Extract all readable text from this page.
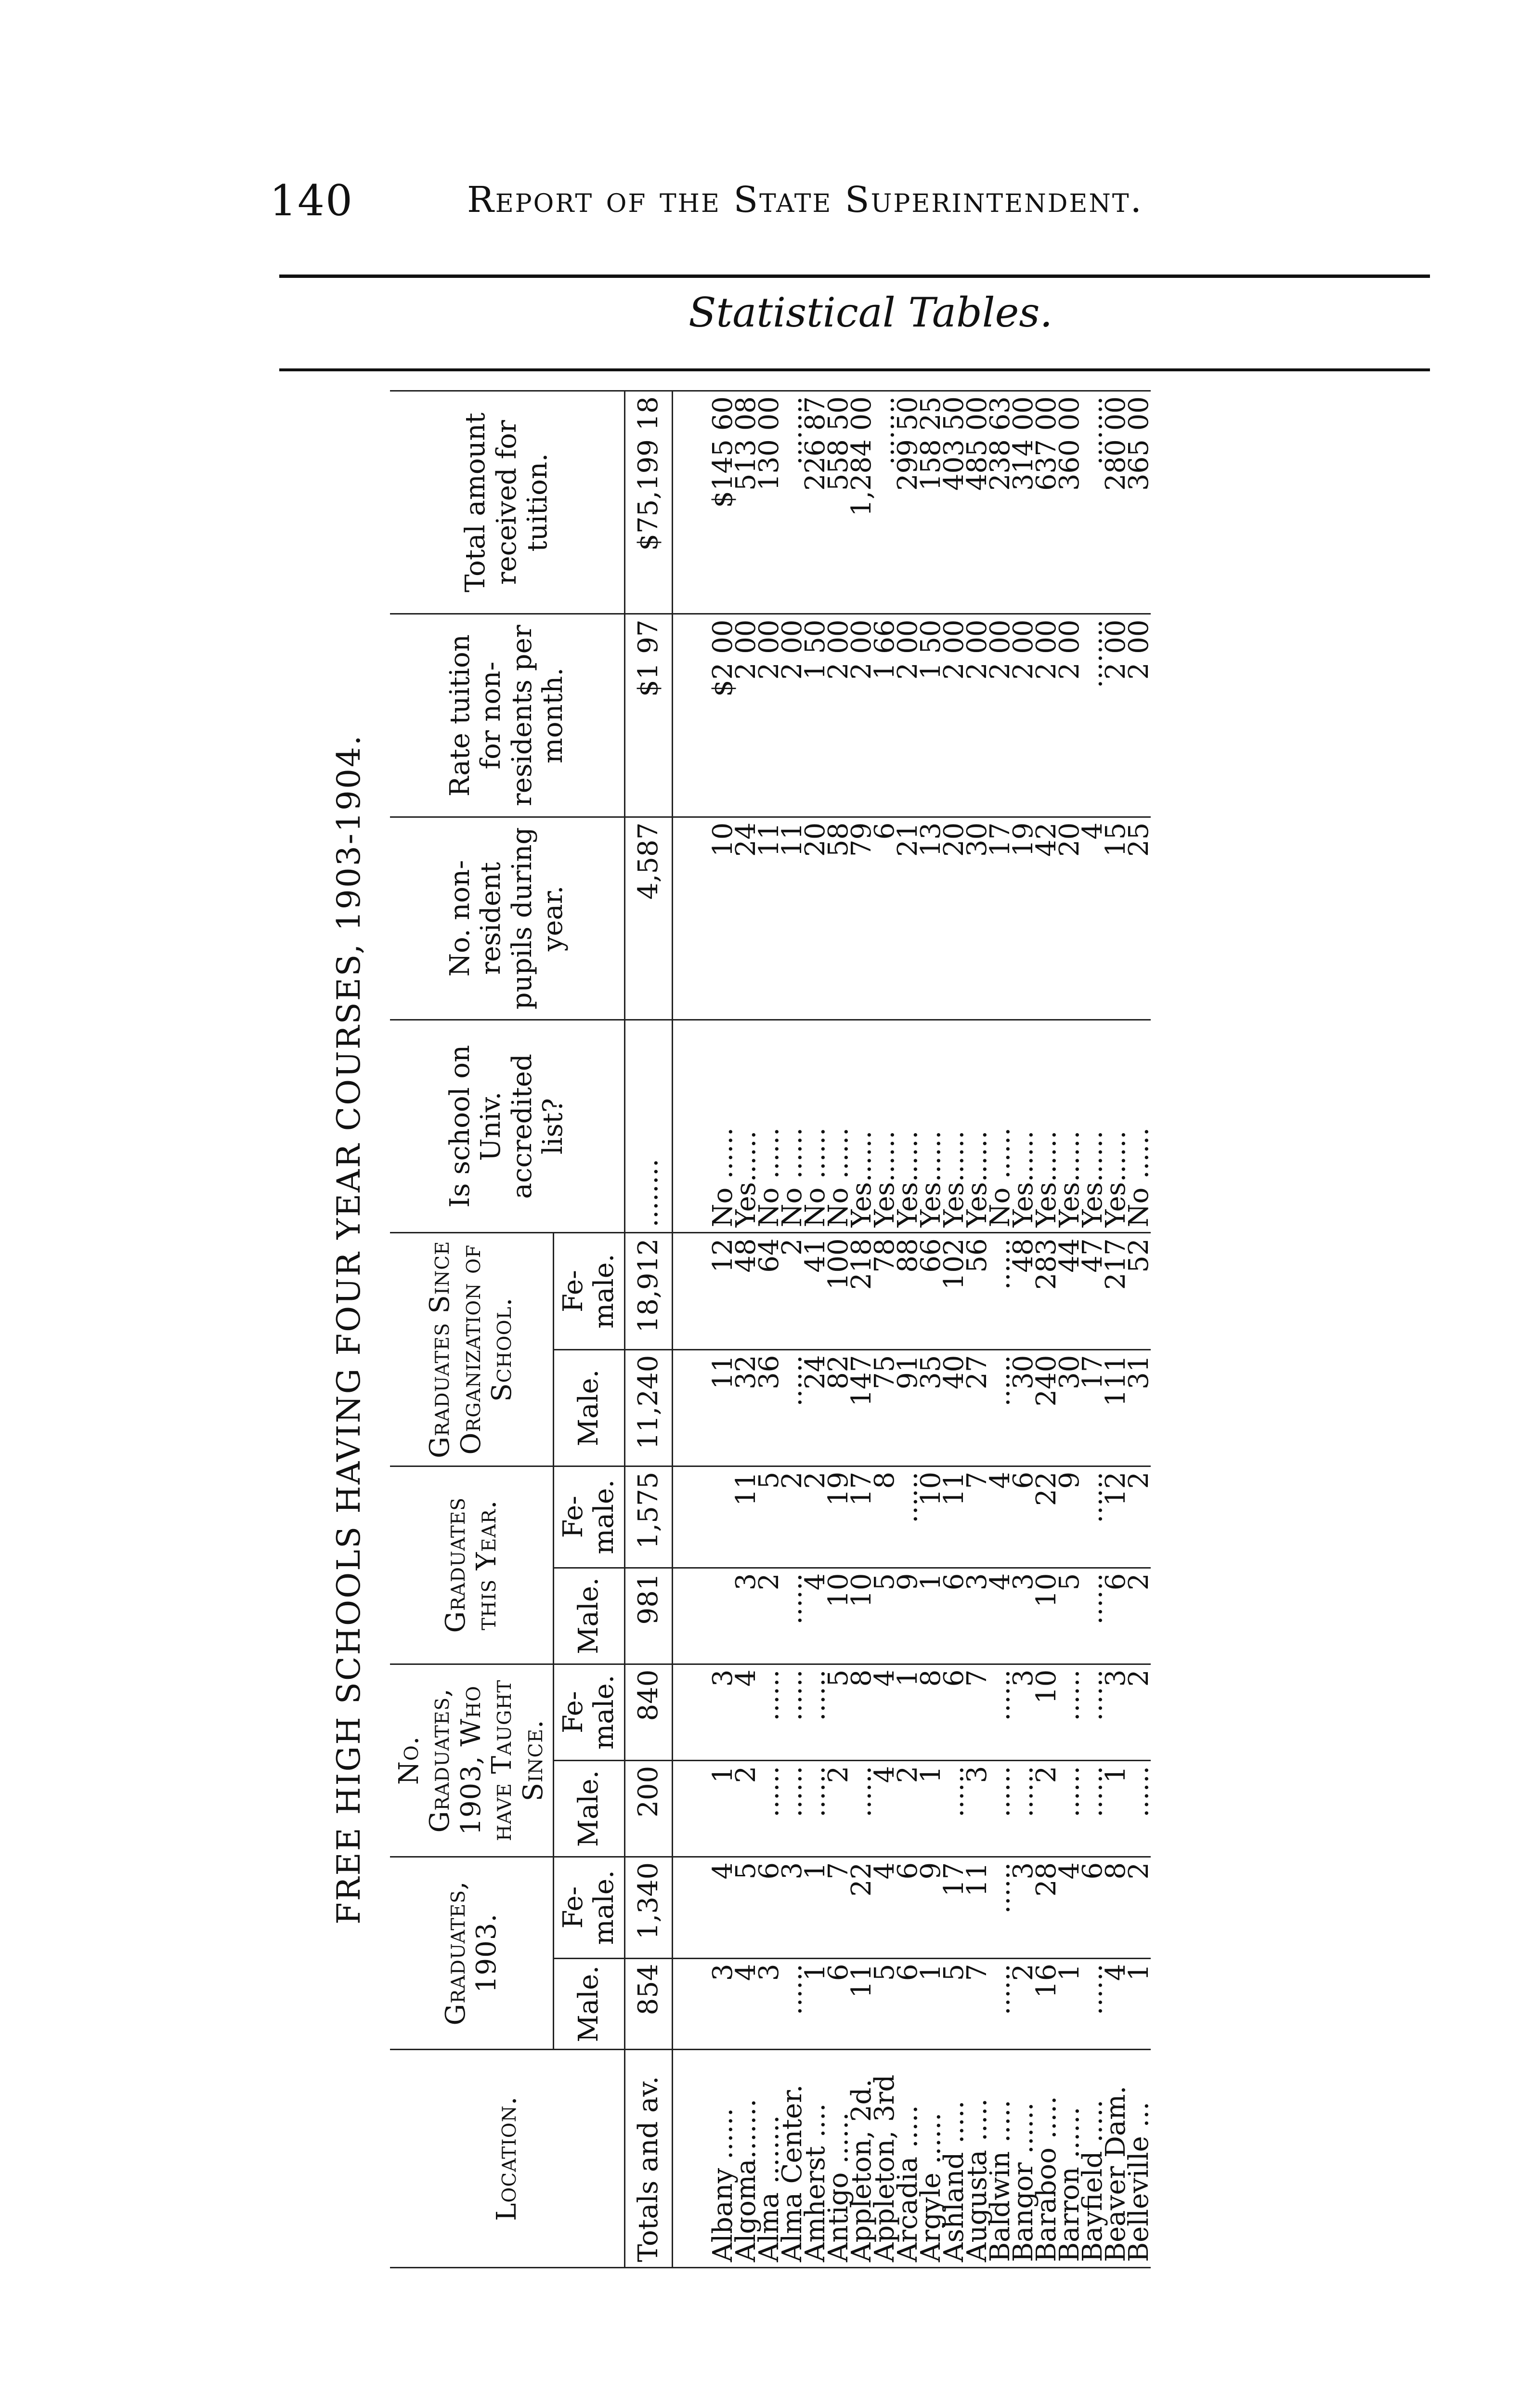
140	Report of the State Superintendent.
Statistical Tables.
FREE HIGH SCHOOLS HAVING FOUR YEAR COURSES, 1903-1904.
Location.	Graduates, 1903.		No. Graduates, 1903, Who have Taught Since.		Graduates this Year.		Graduates Since Organization of School.		Is school on Univ. accredited list?	No. non-resident pupils during year.	Rate tuition for non-residents per month.	Total amount received for tuition.
	Male.	Fe-male.	Male.	Fe-male.	Male.	Fe-male.	Male.	Fe-male.				
Totals and av.	854	1,340	200	840	981	1,575	11,240	18,912	........	4,587	$1 97	$75,199 18

Albany ......	3	4	1	3			11	12	No ......	10	$2 00	$145 60
Algoma.......	4	5	2	4	3	11	32	48	Yes......	24	2 00	513 08
Alma ........	3	6	......	......	2	5	36	64	No ......	11	2 00	130 00
Alma Center.	......	3	......	......	......	2	......	2	No ......	11	2 00	........
Amherst ....	1	1	......	......	4	2	24	41	No ......	20	1 50	226 87
Antigo ......	6	7	2	5	10	19	82	100	No ......	58	2 00	558 50
Appleton, 2d.	11	22	......	8	10	17	147	218	Yes......	79	2 00	1,284 00
Appleton, 3rd	5	4	4	4	5	8	75	78	Yes......	6	1 66	........
Arcadia .....	6	6	2	1	9	......	91	88	Yes......	21	2 00	299 50
Argyle ......	1	9	1	8	1	10	35	66	Yes......	13	1 50	158 25
Ashland .....	5	17	......	6	6	11	40	102	Yes......	20	2 00	403 50
Augusta .....	7	11	3	7	3	7	27	56	Yes......	30	2 00	485 00
Baldwin .....	......	......	......	......	4	4	......	......	No ......	17	2 00	238 63
Bangor ......	2	3	......	3	3	6	30	48	Yes......	19	2 00	314 00
Baraboo .....	16	28	2	10	10	22	240	283	Yes......	42	2 00	637 00
Barron ......	1	4	......	......	5	9	30	44	Yes......	20	2 00	360 00
Bayfield .....	......	6	......	......	......	......	17	47	Yes......	4	........	........
Beaver Dam.	4	8	1	3	6	12	111	217	Yes......	15	2 00	280 00
Belleville ...	1	2	......	2	2	2	31	52	No ......	25	2 00	365 00
